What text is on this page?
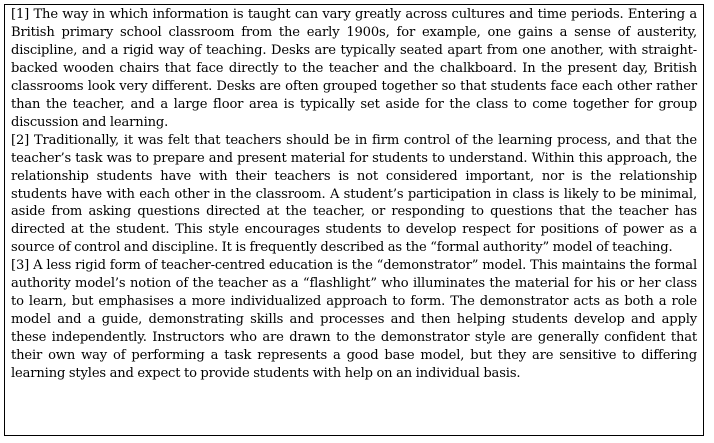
[1] The way in which information is taught can vary greatly across cultures and time periods. Entering a British primary school classroom from the early 1900s, for example, one gains a sense of austerity, discipline, and a rigid way of teaching. Desks are typically seated apart from one another, with straight-backed wooden chairs that face directly to the teacher and the chalkboard. In the present day, British classrooms look very different. Desks are often grouped together so that students face each other rather than the teacher, and a large floor area is typically set aside for the class to come together for group discussion and learning.

[2] Traditionally, it was felt that teachers should be in firm control of the learning process, and that the teacher’s task was to prepare and present material for students to understand. Within this approach, the relationship students have with their teachers is not considered important, nor is the relationship students have with each other in the classroom. A student’s participation in class is likely to be minimal, aside from asking questions directed at the teacher, or responding to questions that the teacher has directed at the student. This style encourages students to develop respect for positions of power as a source of control and discipline. It is frequently described as the “formal authority” model of teaching.

[3] A less rigid form of teacher-centred education is the “demonstrator” model. This maintains the formal authority model’s notion of the teacher as a “flashlight” who illuminates the material for his or her class to learn, but emphasises a more individualized approach to form. The demonstrator acts as both a role model and a guide, demonstrating skills and processes and then helping students develop and apply these independently. Instructors who are drawn to the demonstrator style are generally confident that their own way of performing a task represents a good base model, but they are sensitive to differing learning styles and expect to provide students with help on an individual basis.
